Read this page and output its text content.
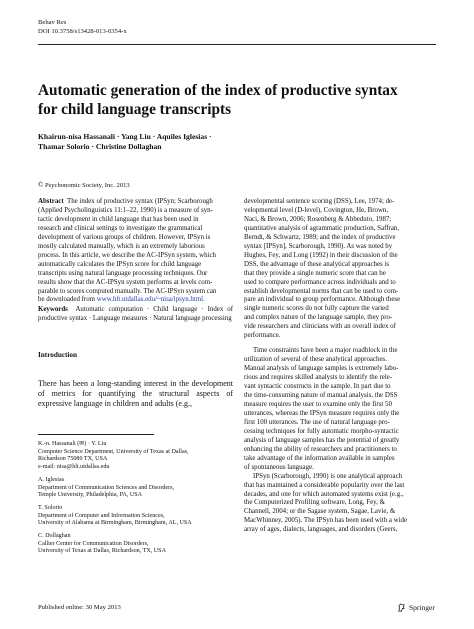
Behav Res
DOI 10.3758/s13428-013-0354-x
Automatic generation of the index of productive syntax for child language transcripts
Khairun-nisa Hassanali · Yang Liu · Aquiles Iglesias ·
Thamar Solorio · Christine Dollaghan
© Psychonomic Society, Inc. 2013
Abstract The index of productive syntax (IPSyn; Scarborough
(Applied Psycholinguistics 11:1–22, 1990) is a measure of syn-
tactic development in child language that has been used in
research and clinical settings to investigate the grammatical
development of various groups of children. However, IPSyn is
mostly calculated manually, which is an extremely laborious
process. In this article, we describe the AC-IPSyn system, which
automatically calculates the IPSyn score for child language
transcripts using natural language processing techniques. Our
results show that the AC-IPSyn system performs at levels com-
parable to scores computed manually. The AC-IPSyn system can
be downloaded from www.hlt.utdallas.edu/~nisa/ipsyn.html.
Keywords Automatic computation · Child language · Index of productive syntax · Language measures · Natural language processing
Introduction
There has been a long-standing interest in the development of metrics for quantifying the structural aspects of expressive language in children and adults (e.g.,
K.-n. Hassanali (✉) · Y. Liu
Computer Science Department, University of Texas at Dallas,
Richardson 75080 TX, USA
e-mail: nisa@hlt.utdallas.edu
A. Iglesias
Department of Communication Sciences and Disorders,
Temple University, Philadelphia, PA, USA
T. Solorio
Department of Computer and Information Sciences,
University of Alabama at Birmingham, Birmingham, AL, USA
C. Dollaghan
Callier Center for Communication Disorders,
University of Texas at Dallas, Richardson, TX, USA

developmental sentence scoring (DSS), Lee, 1974; de-
velopmental level (D-level), Covington, He, Brown,
Naci, & Brown, 2006; Rosenberg & Abbeduto, 1987;
quantitative analysis of agrammatic production, Saffran,
Berndt, & Schwartz, 1989; and the index of productive
syntax [IPSyn], Scarborough, 1990). As was noted by
Hughes, Fey, and Long (1992) in their discussion of the
DSS, the advantage of these analytical approaches is
that they provide a single numeric score that can be
used to compare performance across individuals and to
establish developmental norms that can be used to com-
pare an individual to group performance. Although these
single numeric scores do not fully capture the varied
and complex nature of the language sample, they pro-
vide researchers and clinicians with an overall index of
performance.

Time constraints have been a major roadblock in the
utilization of several of these analytical approaches.
Manual analysis of language samples is extremely labo-
rious and requires skilled analysts to identify the rele-
vant syntactic constructs in the sample. In part due to
the time-consuming nature of manual analysis, the DSS
measure requires the user to examine only the first 50
utterances, whereas the IPSyn measure requires only the
first 100 utterances. The use of natural language pro-
cessing techniques for fully automatic morpho-syntactic
analysis of language samples has the potential of greatly
enhancing the ability of researchers and practitioners to
take advantage of the information available in samples
of spontaneous language.

IPSyn (Scarborough, 1990) is one analytical approach
that has maintained a considerable popularity over the last
decades, and one for which automated systems exist (e.g.,
the Computerized Profiling software, Long, Fey, &
Channell, 2004; or the Sagase system, Sagae, Lavie, &
MacWhinney, 2005). The IPSyn has been used with a wide
array of ages, dialects, languages, and disorders (Geers,

Published online: 30 May 2013	Springer
